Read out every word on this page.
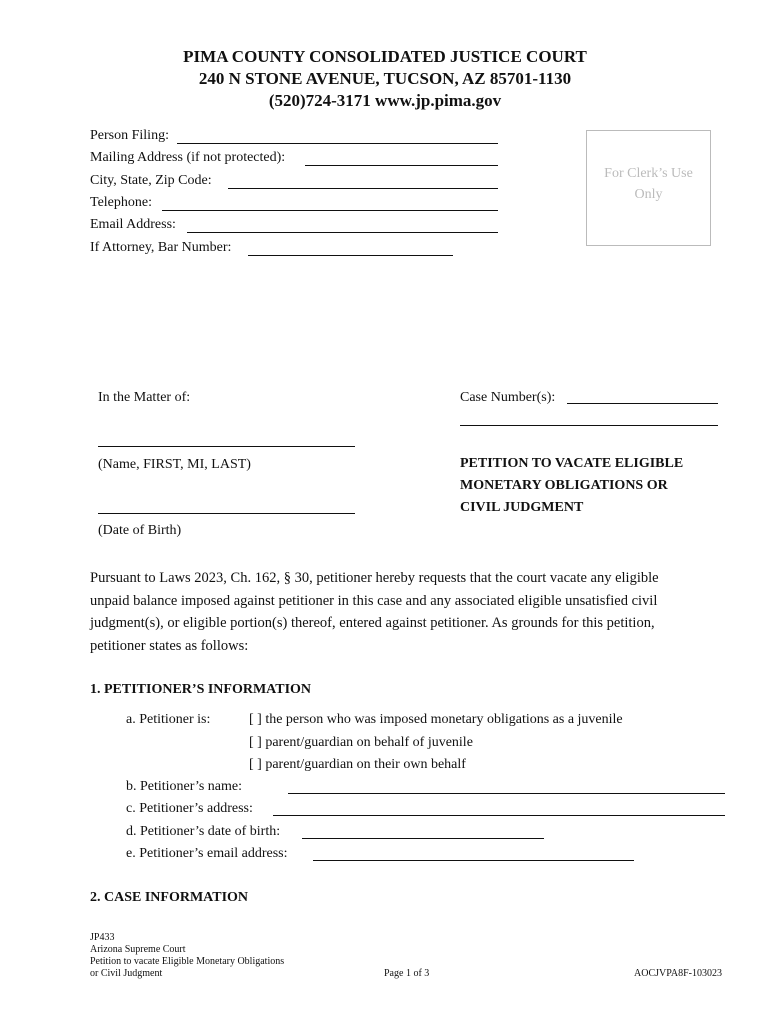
PIMA COUNTY CONSOLIDATED JUSTICE COURT
240 N STONE AVENUE, TUCSON, AZ 85701-1130
(520)724-3171 www.jp.pima.gov
Person Filing:
Mailing Address (if not protected):
City, State, Zip Code:
Telephone:
Email Address:
If Attorney, Bar Number:
For Clerk’s Use
Only
In the Matter of:	Case Number(s):
(Name, FIRST, MI, LAST)
(Date of Birth)
PETITION TO VACATE ELIGIBLE
MONETARY OBLIGATIONS OR
CIVIL JUDGMENT
Pursuant to Laws 2023, Ch. 162, § 30, petitioner hereby requests that the court vacate any eligible
unpaid balance imposed against petitioner in this case and any associated eligible unsatisfied civil
judgment(s), or eligible portion(s) thereof, entered against petitioner. As grounds for this petition,
petitioner states as follows:
1. PETITIONER’S INFORMATION
a. Petitioner is:	[ ] the person who was imposed monetary obligations as a juvenile
[ ] parent/guardian on behalf of juvenile
[ ] parent/guardian on their own behalf
b. Petitioner’s name:
c. Petitioner’s address:
d. Petitioner’s date of birth:
e. Petitioner’s email address:
2. CASE INFORMATION
JP433
Arizona Supreme Court
Petition to vacate Eligible Monetary Obligations
or Civil Judgment	Page 1 of 3	AOCJVPA8F-103023
